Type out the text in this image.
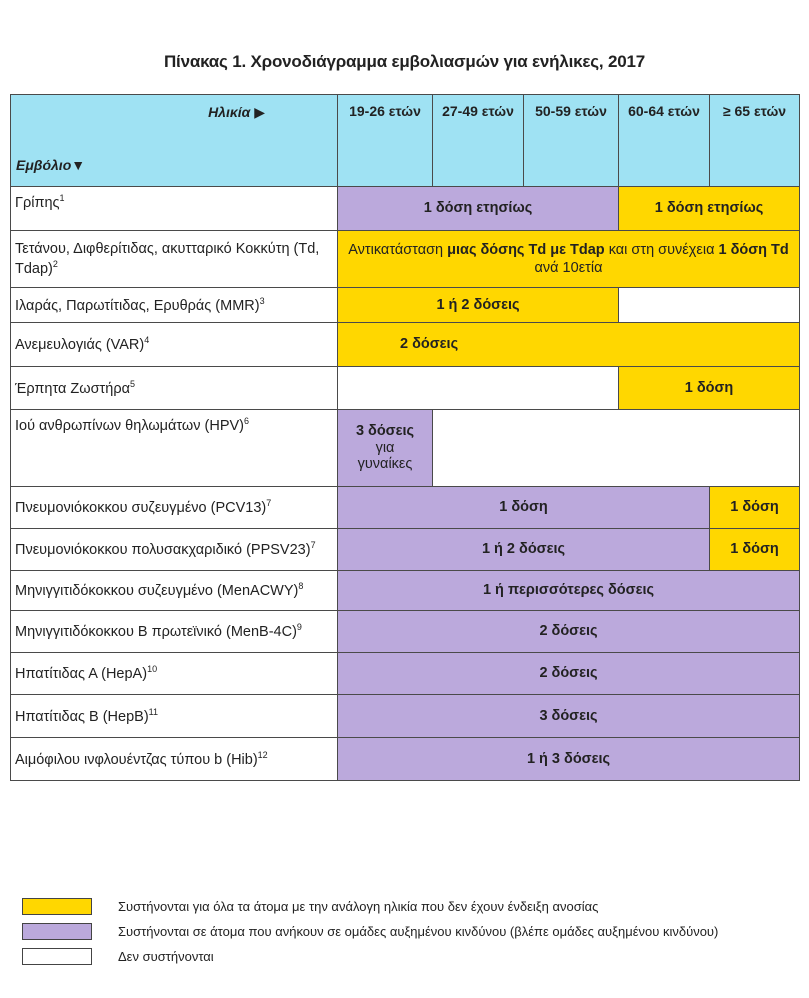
Πίνακας 1. Χρονοδιάγραμμα εμβολιασμών για ενήλικες, 2017
Ηλικία ▶
Εμβόλιο▼	19-26 ετών	27-49 ετών	50-59 ετών	60-64 ετών	≥ 65 ετών
Γρίπης$^1$	1 δόση ετησίως			1 δόση ετησίως	
Τετάνου, Διφθερίτιδας, ακυτταρικό Κοκκύτη (Td, Tdap)$^2$	Αντικατάσταση μιας δόσης Td με Tdap και στη συνέχεια 1 δόση Td
ανά 10ετία				
Ιλαράς, Παρωτίτιδας, Ερυθράς (MMR)$^3$	1 ή 2 δόσεις				
Ανεμευλογιάς (VAR)$^4$	2 δόσεις				
Έρπητα Ζωστήρα$^5$				1 δόση	
Ιού ανθρωπίνων θηλωμάτων (HPV)$^6$	3 δόσεις
για
γυναίκες				
Πνευμονιόκοκκου συζευγμένο $(PCV13)^7$	1 δόση				1 δόση
Πνευμονιόκοκκου πολυσακχαριδικό (PPSV23)$^7$	1 ή 2 δόσεις				1 δόση
Μηνιγγιτιδόκοκκου συζευγμένο (MenACWY)$^8$	1 ή περισσότερες δόσεις				
Μηνιγγιτιδόκοκκου Β πρωτεϊνικό (MenB-4C)$^9$	2 δόσεις				
Ηπατίτιδας Α (HepA)$^{10}$	2 δόσεις				
Ηπατίτιδας Β (HepB)$^{11}$	3 δόσεις				
Αιμόφιλου ινφλουέντζας τύπου b (Hib)$^{12}$	1 ή 3 δόσεις				
Συστήνονται για όλα τα άτομα με την ανάλογη ηλικία που δεν έχουν ένδειξη ανοσίας
Συστήνονται σε άτομα που ανήκουν σε ομάδες αυξημένου κινδύνου (βλέπε ομάδες αυξημένου κινδύνου)
Δεν συστήνονται
